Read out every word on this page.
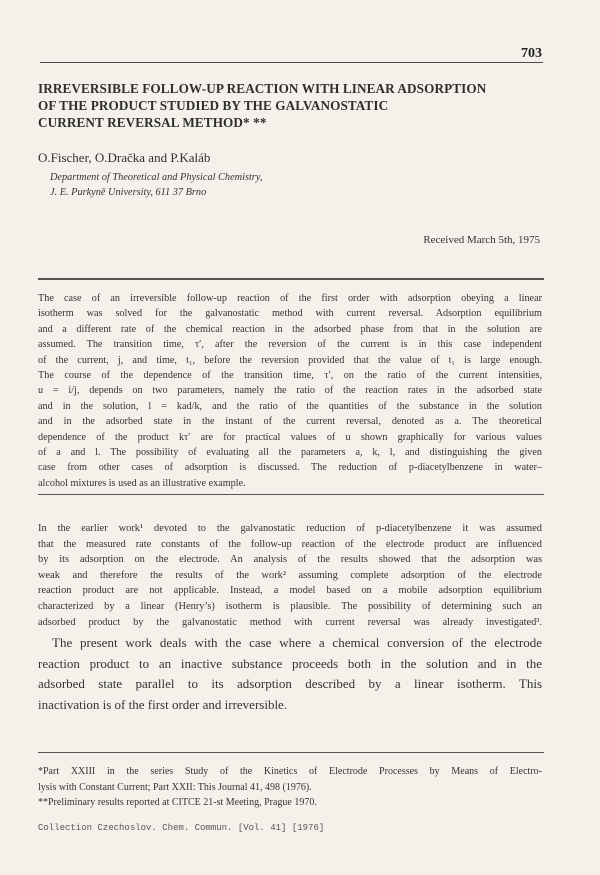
703
IRREVERSIBLE FOLLOW-UP REACTION WITH LINEAR ADSORPTION
OF THE PRODUCT STUDIED BY THE GALVANOSTATIC
CURRENT REVERSAL METHOD* **
O.Fischer, O.Dračka and P.Kaláb
Department of Theoretical and Physical Chemistry,
J. E. Purkyně University, 611 37 Brno
Received March 5th, 1975
The case of an irreversible follow-up reaction of the first order with adsorption obeying a linear
isotherm was solved for the galvanostatic method with current reversal. Adsorption equilibrium
and a different rate of the chemical reaction in the adsorbed phase from that in the solution are
assumed. The transition time, τ′, after the reversion of the current is in this case independent
of the current, j, and time, t₁, before the reversion provided that the value of t₁ is large enough.
The course of the dependence of the transition time, τ′, on the ratio of the current intensities,
u = i/j, depends on two parameters, namely the ratio of the reaction rates in the adsorbed state
and in the solution, l = kad/k, and the ratio of the quantities of the substance in the solution
and in the adsorbed state in the instant of the current reversal, denoted as a. The theoretical
dependence of the product kτ′ are for practical values of u shown graphically for various values
of a and l. The possibility of evaluating all the parameters a, k, l, and distinguishing the given
case from other cases of adsorption is discussed. The reduction of p-diacetylbenzene in water–
alcohol mixtures is used as an illustrative example.
In the earlier work¹ devoted to the galvanostatic reduction of p-diacetylbenzene it was assumed
that the measured rate constants of the follow-up reaction of the electrode product are influenced
by its adsorption on the electrode. An analysis of the results showed that the adsorption was
weak and therefore the results of the work² assuming complete adsorption of the electrode
reaction product are not applicable. Instead, a model based on a mobile adsorption equilibrium
characterized by a linear (Henry’s) isotherm is plausible. The possibility of determining such an
adsorbed product by the galvanostatic method with current reversal was already investigated³.
The present work deals with the case where a chemical conversion of the electrode
reaction product to an inactive substance proceeds both in the solution and in the
adsorbed state parallel to its adsorption described by a linear isotherm. This
inactivation is of the first order and irreversible.
*Part XXIII in the series Study of the Kinetics of Electrode Processes by Means of Electro-
lysis with Constant Current; Part XXII: This Journal 41, 498 (1976).
**Preliminary results reported at CITCE 21-st Meeting, Prague 1970.
Collection Czechoslov. Chem. Commun. [Vol. 41] [1976]
